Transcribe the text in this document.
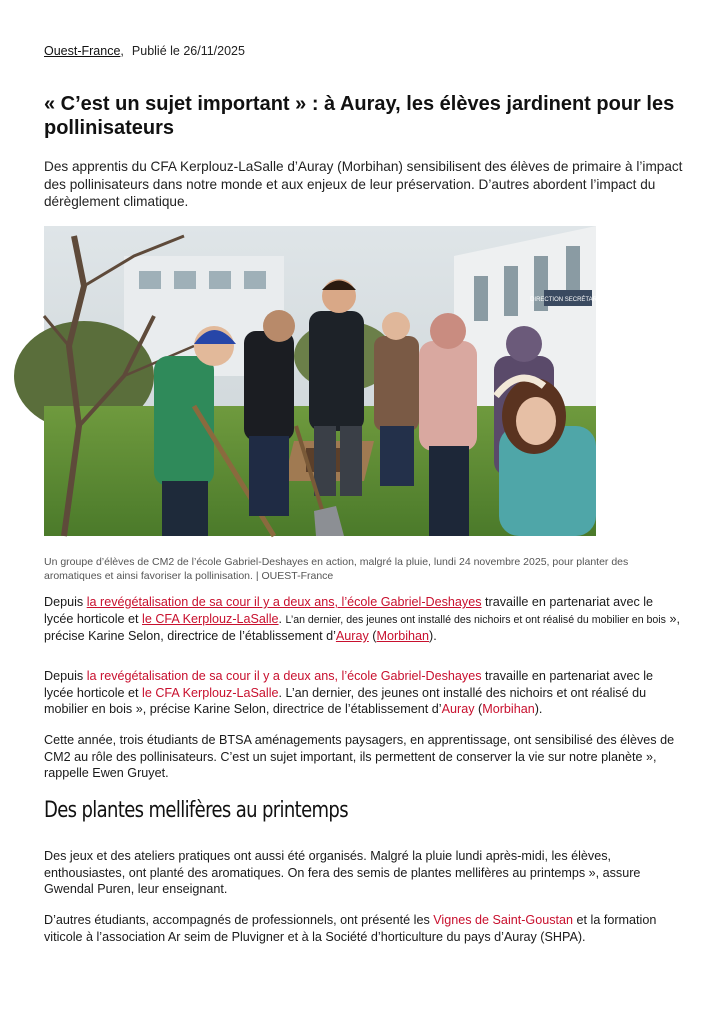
Ouest-France, Publié le 26/11/2025
« C’est un sujet important » : à Auray, les élèves jardinent pour les pollinisateurs

Des apprentis du CFA Kerplouz-LaSalle d’Auray (Morbihan) sensibilisent des élèves de primaire à l’impact des pollinisateurs dans notre monde et aux enjeux de leur préservation. D’autres abordent l’impact du dérèglement climatique.

DIRECTION SECRÉTARIAT

Un groupe d’élèves de CM2 de l’école Gabriel-Deshayes en action, malgré la pluie, lundi 24 novembre 2025, pour planter des aromatiques et ainsi favoriser la pollinisation. | OUEST-France

Depuis la revégétalisation de sa cour il y a deux ans, l’école Gabriel-Deshayes travaille en partenariat avec le lycée horticole et le CFA Kerplouz-LaSalle. L’an dernier, des jeunes ont installé des nichoirs et ont réalisé du mobilier en bois », précise Karine Selon, directrice de l’établissement d’Auray (Morbihan).

Depuis la revégétalisation de sa cour il y a deux ans, l’école Gabriel-Deshayes travaille en partenariat avec le lycée horticole et le CFA Kerplouz-LaSalle. L’an dernier, des jeunes ont installé des nichoirs et ont réalisé du mobilier en bois », précise Karine Selon, directrice de l’établissement d’Auray (Morbihan).

Cette année, trois étudiants de BTSA aménagements paysagers, en apprentissage, ont sensibilisé des élèves de CM2 au rôle des pollinisateurs. C’est un sujet important, ils permettent de conserver la vie sur notre planète », rappelle Ewen Gruyet.

Des plantes mellifères au printemps

Des jeux et des ateliers pratiques ont aussi été organisés. Malgré la pluie lundi après-midi, les élèves, enthousiastes, ont planté des aromatiques. On fera des semis de plantes mellifères au printemps », assure Gwendal Puren, leur enseignant.

D’autres étudiants, accompagnés de professionnels, ont présenté les Vignes de Saint-Goustan et la formation viticole à l’association Ar seim de Pluvigner et à la Société d’horticulture du pays d’Auray (SHPA).
